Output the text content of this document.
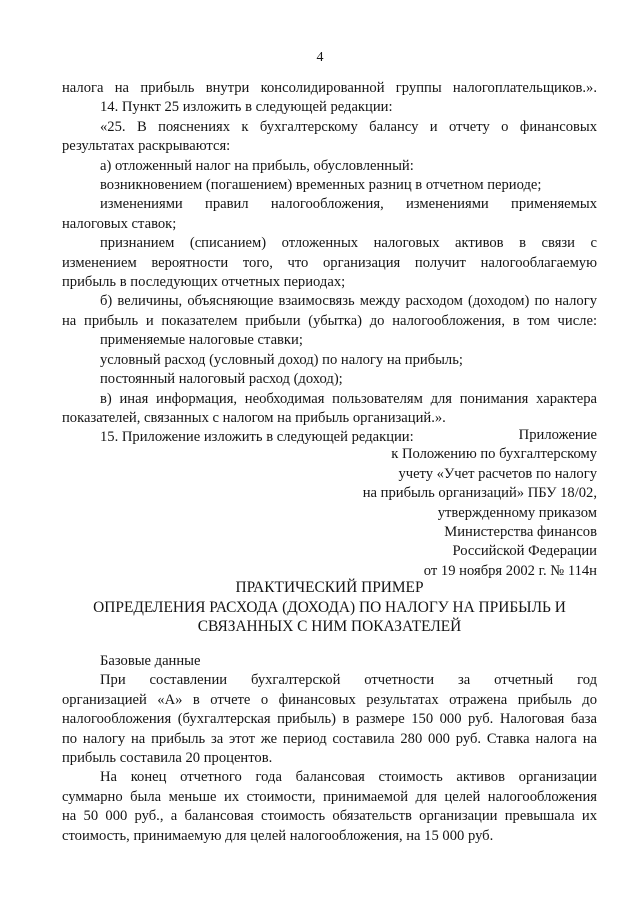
4

налога на прибыль внутри консолидированной группы налогоплательщиков.».

14. Пункт 25 изложить в следующей редакции:

«25. В пояснениях к бухгалтерскому балансу и отчету о финансовых

результатах раскрываются:

а) отложенный налог на прибыль, обусловленный:

возникновением (погашением) временных разниц в отчетном периоде;

изменениями правил налогообложения, изменениями применяемых

налоговых ставок;

признанием (списанием) отложенных налоговых активов в связи с

изменением вероятности того, что организация получит налогооблагаемую

прибыль в последующих отчетных периодах;

б) величины, объясняющие взаимосвязь между расходом (доходом) по налогу

на прибыль и показателем прибыли (убытка) до налогообложения, в том числе:

применяемые налоговые ставки;

условный расход (условный доход) по налогу на прибыль;

постоянный налоговый расход (доход);

в) иная информация, необходимая пользователям для понимания характера

показателей, связанных с налогом на прибыль организаций.».

15. Приложение изложить в следующей редакции:	Приложение
к Положению по бухгалтерскому
учету «Учет расчетов по налогу
на прибыль организаций» ПБУ 18/02,
утвержденному приказом
Министерства финансов
Российской Федерации
от 19 ноября 2002 г. № 114н
ПРАКТИЧЕСКИЙ ПРИМЕР
ОПРЕДЕЛЕНИЯ РАСХОДА (ДОХОДА) ПО НАЛОГУ НА ПРИБЫЛЬ И
СВЯЗАННЫХ С НИМ ПОКАЗАТЕЛЕЙ

Базовые данные

При составлении бухгалтерской отчетности за отчетный год

организацией «А» в отчете о финансовых результатах отражена прибыль до

налогообложения (бухгалтерская прибыль) в размере 150 000 руб. Налоговая база

по налогу на прибыль за этот же период составила 280 000 руб. Ставка налога на

прибыль составила 20 процентов.

На конец отчетного года балансовая стоимость активов организации

суммарно была меньше их стоимости, принимаемой для целей налогообложения

на 50 000 руб., а балансовая стоимость обязательств организации превышала их

стоимость, принимаемую для целей налогообложения, на 15 000 руб.
